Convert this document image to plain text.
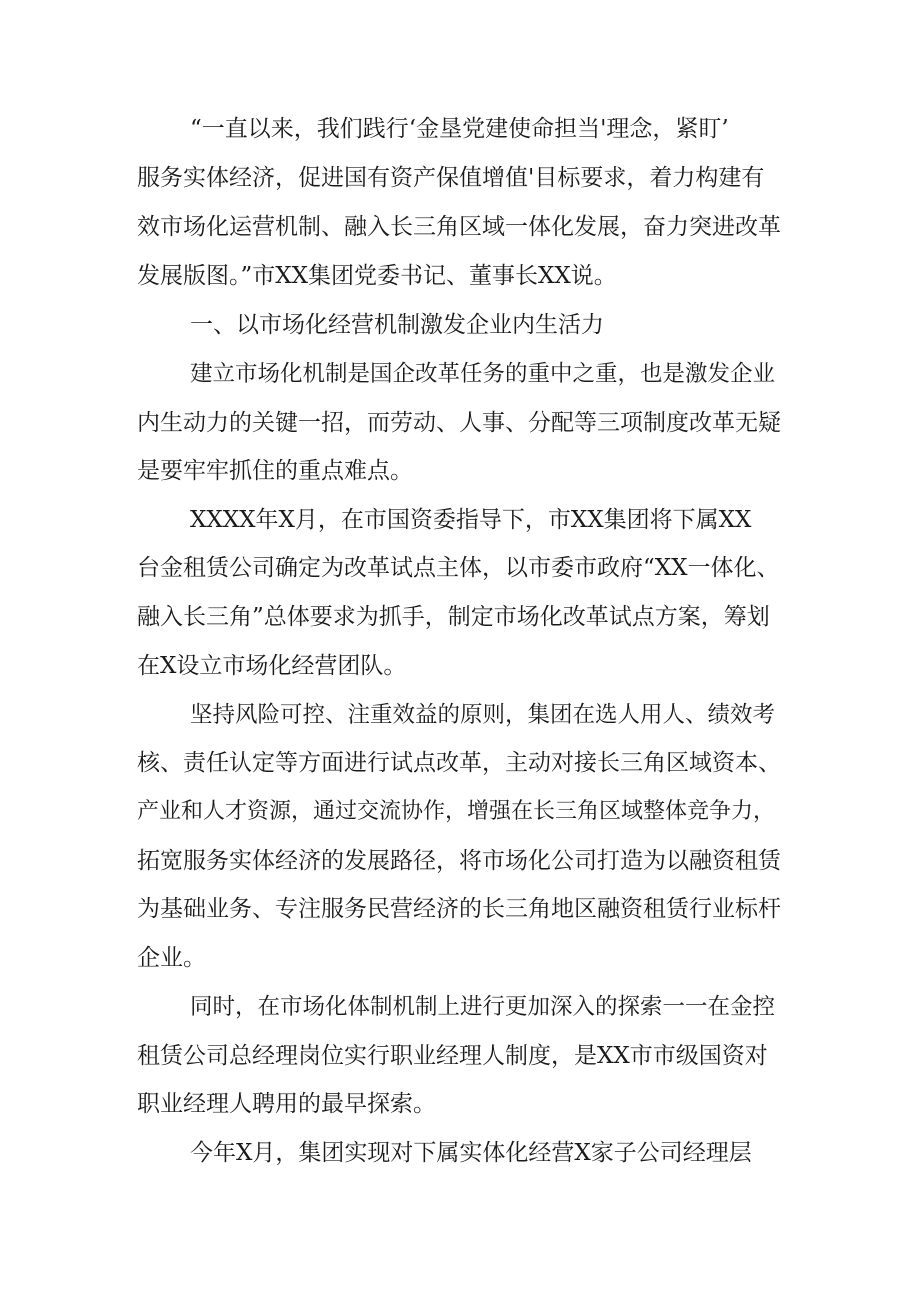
“一直以来，我们践行‘金垦党建使命担当'理念，紧盯’
服务实体经济，促进国有资产保值增值'目标要求，着力构建有
效市场化运营机制、融入长三角区域一体化发展，奋力突进改革
发展版图。”市XX集团党委书记、董事长XX说。
一、以市场化经营机制激发企业内生活力
建立市场化机制是国企改革任务的重中之重，也是激发企业
内生动力的关键一招，而劳动、人事、分配等三项制度改革无疑
是要牢牢抓住的重点难点。
XXXX年X月，在市国资委指导下，市XX集团将下属XX
台金租赁公司确定为改革试点主体，以市委市政府“XX一体化、
融入长三角”总体要求为抓手，制定市场化改革试点方案，筹划
在X设立市场化经营团队。
坚持风险可控、注重效益的原则，集团在选人用人、绩效考
核、责任认定等方面进行试点改革，主动对接长三角区域资本、
产业和人才资源，通过交流协作，增强在长三角区域整体竞争力，
拓宽服务实体经济的发展路径，将市场化公司打造为以融资租赁
为基础业务、专注服务民营经济的长三角地区融资租赁行业标杆
企业。
同时，在市场化体制机制上进行更加深入的探索一一在金控
租赁公司总经理岗位实行职业经理人制度，是XX市市级国资对
职业经理人聘用的最早探索。
今年X月，集团实现对下属实体化经营X家子公司经理层
